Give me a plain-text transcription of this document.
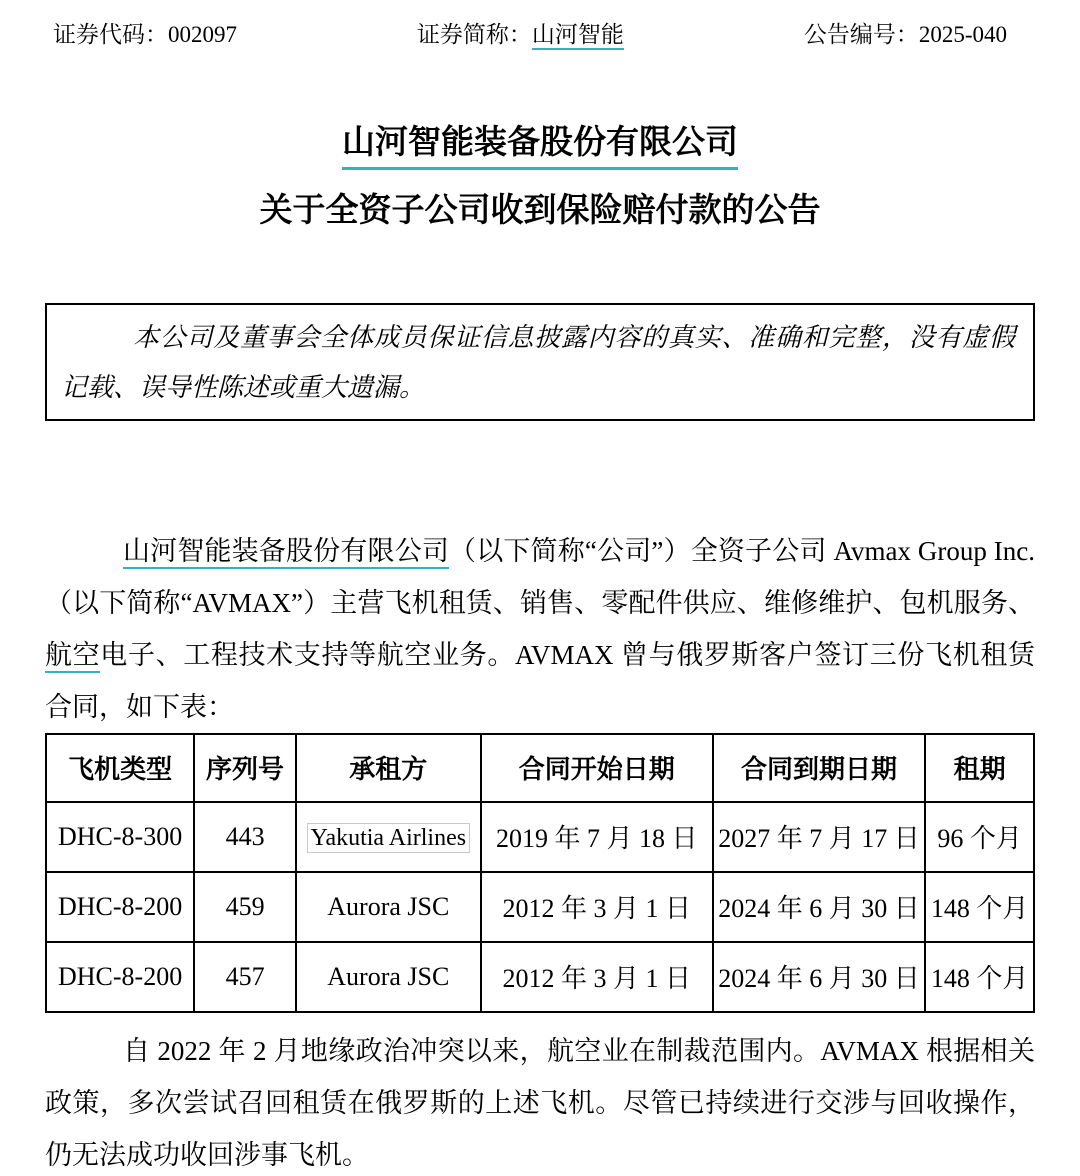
证券代码：002097	证券简称：山河智能	公告编号：2025-040
山河智能装备股份有限公司
关于全资子公司收到保险赔付款的公告

本公司及董事会全体成员保证信息披露内容的真实、准确和完整，没有虚假记载、误导性陈述或重大遗漏。

山河智能装备股份有限公司（以下简称“公司”）全资子公司 Avmax Group Inc.（以下简称“AVMAX”）主营飞机租赁、销售、零配件供应、维修维护、包机服务、航空电子、工程技术支持等航空业务。AVMAX 曾与俄罗斯客户签订三份飞机租赁合同，如下表：

飞机类型	序列号	承租方	合同开始日期	合同到期日期	租期
DHC-8-300	443	Yakutia Airlines	2019 年 7 月 18 日	2027 年 7 月 17 日	96 个月
DHC-8-200	459	Aurora JSC	2012 年 3 月 1 日	2024 年 6 月 30 日	148 个月
DHC-8-200	457	Aurora JSC	2012 年 3 月 1 日	2024 年 6 月 30 日	148 个月

自 2022 年 2 月地缘政治冲突以来，航空业在制裁范围内。AVMAX 根据相关政策，多次尝试召回租赁在俄罗斯的上述飞机。尽管已持续进行交涉与回收操作，仍无法成功收回涉事飞机。
